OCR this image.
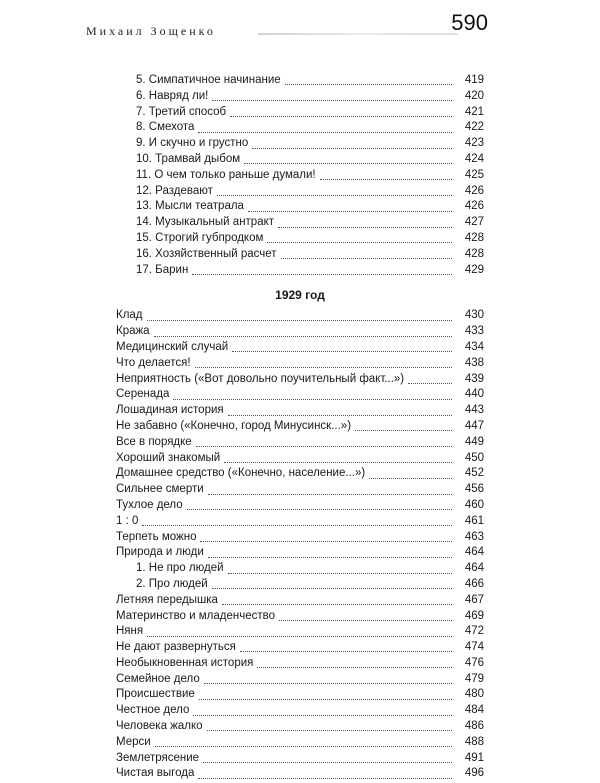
Михаил Зощенко	590
5. Симпатичное начинание	419
6. Навряд ли!	420
7. Третий способ	421
8. Смехота	422
9. И скучно и грустно	423
10. Трамвай дыбом	424
11. О чем только раньше думали!	425
12. Раздевают	426
13. Мысли театрала	426
14. Музыкальный антракт	427
15. Строгий губпродком	428
16. Хозяйственный расчет	428
17. Барин	429
1929 год
Клад	430
Кража	433
Медицинский случай	434
Что делается!	438
Неприятность («Вот довольно поучительный факт...»)	439
Серенада	440
Лошадиная история	443
Не забавно («Конечно, город Минусинск...»)	447
Все в порядке	449
Хороший знакомый	450
Домашнее средство («Конечно, население...»)	452
Сильнее смерти	456
Тухлое дело	460
1 : 0	461
Терпеть можно	463
Природа и люди	464
1. Не про людей	464
2. Про людей	466
Летняя передышка	467
Материнство и младенчество	469
Няня	472
Не дают развернуться	474
Необыкновенная история	476
Семейное дело	479
Происшествие	480
Честное дело	484
Человека жалко	486
Мерси	488
Землетрясение	491
Чистая выгода	496
